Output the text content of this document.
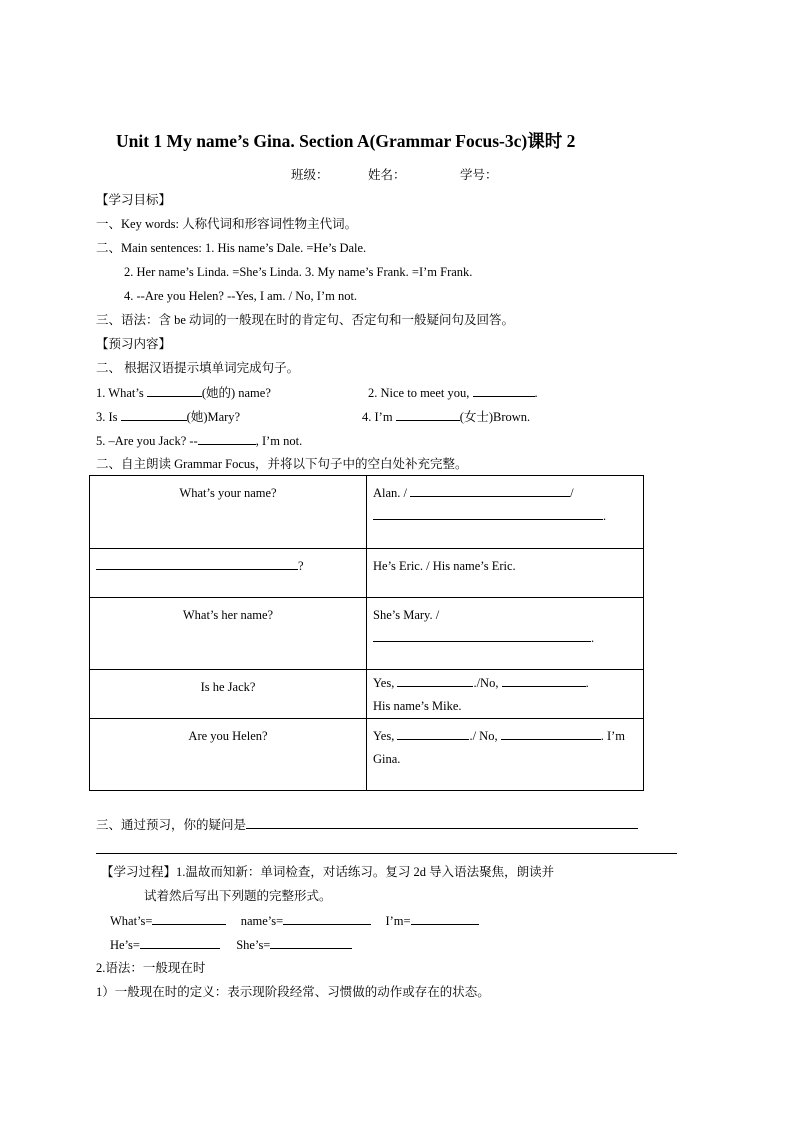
Unit 1 My name’s Gina. Section A(Grammar Focus-3c)课时 2
班级：	姓名：	学号：
【学习目标】
一、Key words: 人称代词和形容词性物主代词。
二、Main sentences: 1. His name’s Dale. =He’s Dale.
2. Her name’s Linda. =She’s Linda. 3. My name’s Frank. =I’m Frank.
4. --Are you Helen? --Yes, I am. / No, I’m not.
三、语法：含 be 动词的一般现在时的肯定句、否定句和一般疑问句及回答。
【预习内容】
二、 根据汉语提示填单词完成句子。
1. What’s	(她的) name?	2. Nice to meet you,	.
3. Is	(她)Mary?	4. I’m	(女士)Brown.
5. –Are you Jack? --	, I’m not.
二、自主朗读 Grammar Focus，并将以下句子中的空白处补充完整。
What’s your name?	Alan. / /
.
?	He’s Eric. / His name’s Eric.
What’s her name?	She’s Mary. /
.
Is he Jack?	Yes, ./No, .
His name’s Mike.
Are you Helen?	Yes, ./ No, . I’m
Gina.
三、通过预习，你的疑问是
【学习过程】1.温故而知新：单词检查，对话练习。复习 2d 导入语法聚焦，朗读并
试着然后写出下列题的完整形式。
What’s=	name’s=	I’m=
He’s=	She’s=
2.语法：一般现在时
1）一般现在时的定义：表示现阶段经常、习惯做的动作或存在的状态。
